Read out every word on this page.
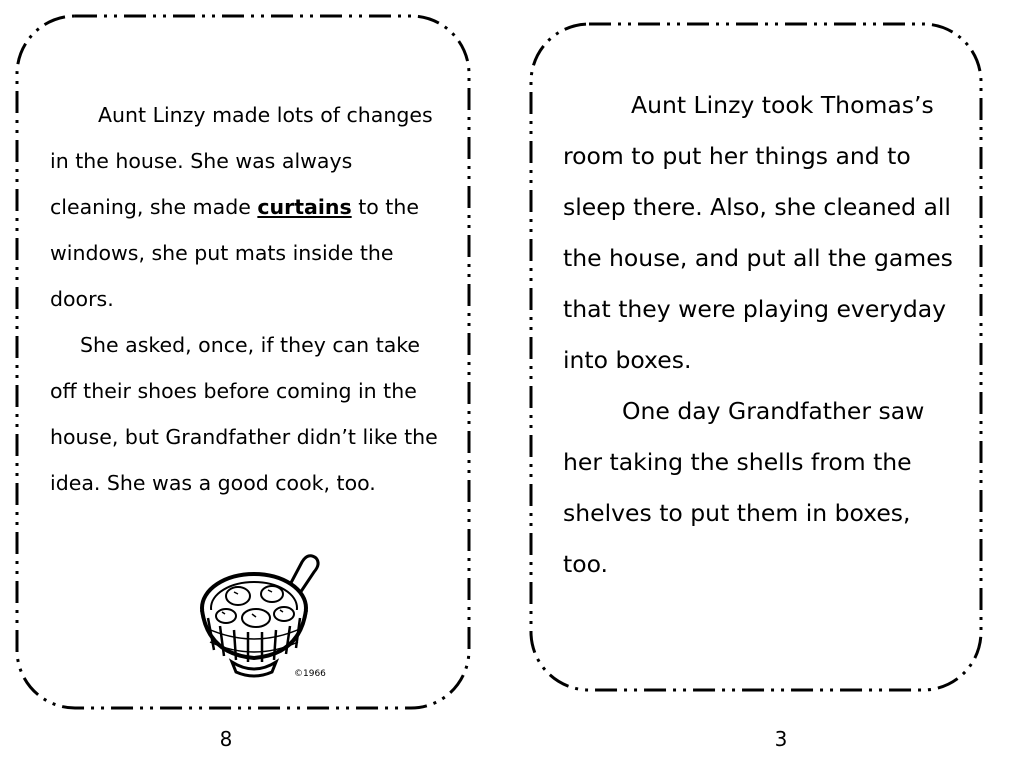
Aunt Linzy made lots of changes in the house. She was always cleaning, she made curtains to the windows, she put mats inside the doors.
She asked, once, if they can take off their shoes before coming in the house, but Grandfather didn’t like the idea. She was a good cook, too.
©1966
8
Aunt Linzy took Thomas’s room to put her things and to sleep there. Also, she cleaned all the house, and put all the games that they were playing everyday into boxes.
One day Grandfather saw her taking the shells from the shelves to put them in boxes, too.
3
